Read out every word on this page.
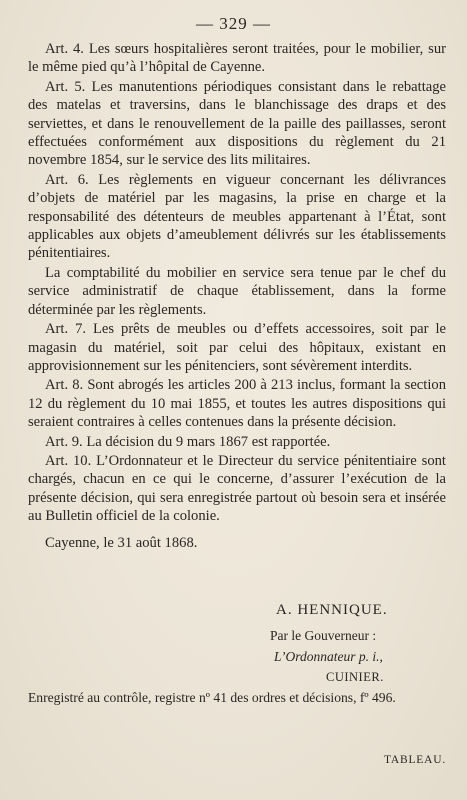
— 329 —

Art. 4. Les sœurs hospitalières seront traitées, pour le mobilier, sur le même pied qu’à l’hôpital de Cayenne.

Art. 5. Les manutentions périodiques consistant dans le rebattage des matelas et traversins, dans le blanchissage des draps et des serviettes, et dans le renouvellement de la paille des paillasses, seront effectuées conformément aux dispositions du règlement du 21 novembre 1854, sur le service des lits militaires.

Art. 6. Les règlements en vigueur concernant les délivrances d’objets de matériel par les magasins, la prise en charge et la responsabilité des détenteurs de meubles appartenant à l’État, sont applicables aux objets d’ameublement délivrés sur les établissements pénitentiaires.

La comptabilité du mobilier en service sera tenue par le chef du service administratif de chaque établissement, dans la forme déterminée par les règlements.

Art. 7. Les prêts de meubles ou d’effets accessoires, soit par le magasin du matériel, soit par celui des hôpitaux, existant en approvisionnement sur les pénitenciers, sont sévèrement interdits.

Art. 8. Sont abrogés les articles 200 à 213 inclus, formant la section 12 du règlement du 10 mai 1855, et toutes les autres dispositions qui seraient contraires à celles contenues dans la présente décision.

Art. 9. La décision du 9 mars 1867 est rapportée.

Art. 10. L’Ordonnateur et le Directeur du service pénitentiaire sont chargés, chacun en ce qui le concerne, d’assurer l’exécution de la présente décision, qui sera enregistrée partout où besoin sera et insérée au Bulletin officiel de la colonie.

Cayenne, le 31 août 1868.

A. HENNIQUE.
Par le Gouverneur :
L’Ordonnateur p. i.,
CUINIER.
Enregistré au contrôle, registre nº 41 des ordres et décisions, fº 496.
TABLEAU.
